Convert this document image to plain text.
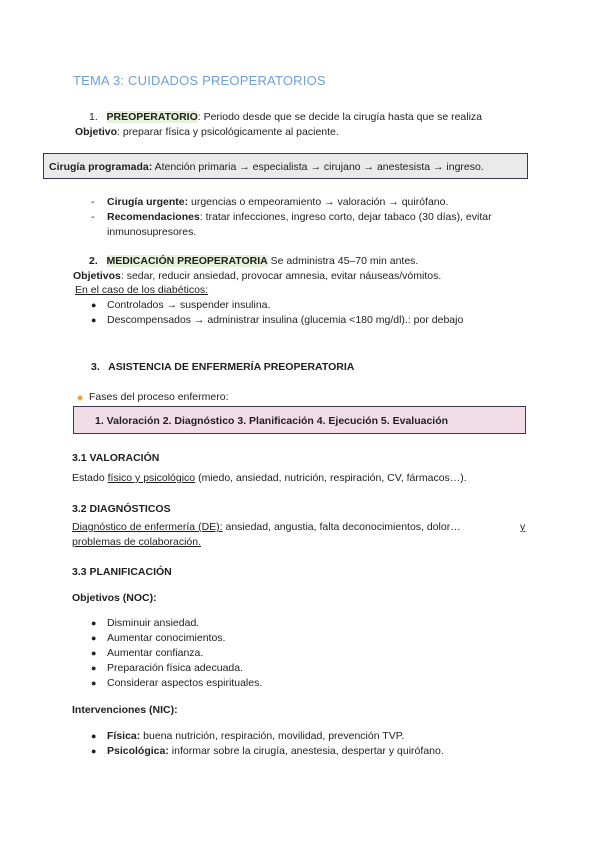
TEMA 3: CUIDADOS PREOPERATORIOS
1. PREOPERATORIO: Periodo desde que se decide la cirugía hasta que se realiza
Objetivo: preparar física y psicológicamente al paciente.
Cirugía programada: Atención primaria → especialista → cirujano → anestesista → ingreso.
- Cirugía urgente: urgencias o empeoramiento → valoración → quirófano.
- Recomendaciones: tratar infecciones, ingreso corto, dejar tabaco (30 días), evitar
inmunosupresores.
2. MEDICACIÓN PREOPERATORIA Se administra 45–70 min antes.
Objetivos: sedar, reducir ansiedad, provocar amnesia, evitar náuseas/vómitos.
En el caso de los diabéticos:
● Controlados → suspender insulina.
● Descompensados → administrar insulina (glucemia <180 mg/dl).: por debajo
3. ASISTENCIA DE ENFERMERÍA PREOPERATORIA
◆ Fases del proceso enfermero:
1. Valoración 2. Diagnóstico 3. Planificación 4. Ejecución 5. Evaluación
3.1 VALORACIÓN
Estado físico y psicológico (miedo, ansiedad, nutrición, respiración, CV, fármacos…).
3.2 DIAGNÓSTICOS
Diagnóstico de enfermería (DE): ansiedad, angustia, falta deconocimientos, dolor…	y
problemas de colaboración.
3.3 PLANIFICACIÓN
Objetivos (NOC):
● Disminuir ansiedad.
● Aumentar conocimientos.
● Aumentar confianza.
● Preparación física adecuada.
● Considerar aspectos espirituales.
Intervenciones (NIC):
● Física: buena nutrición, respiración, movilidad, prevención TVP.
● Psicológica: informar sobre la cirugía, anestesia, despertar y quirófano.
